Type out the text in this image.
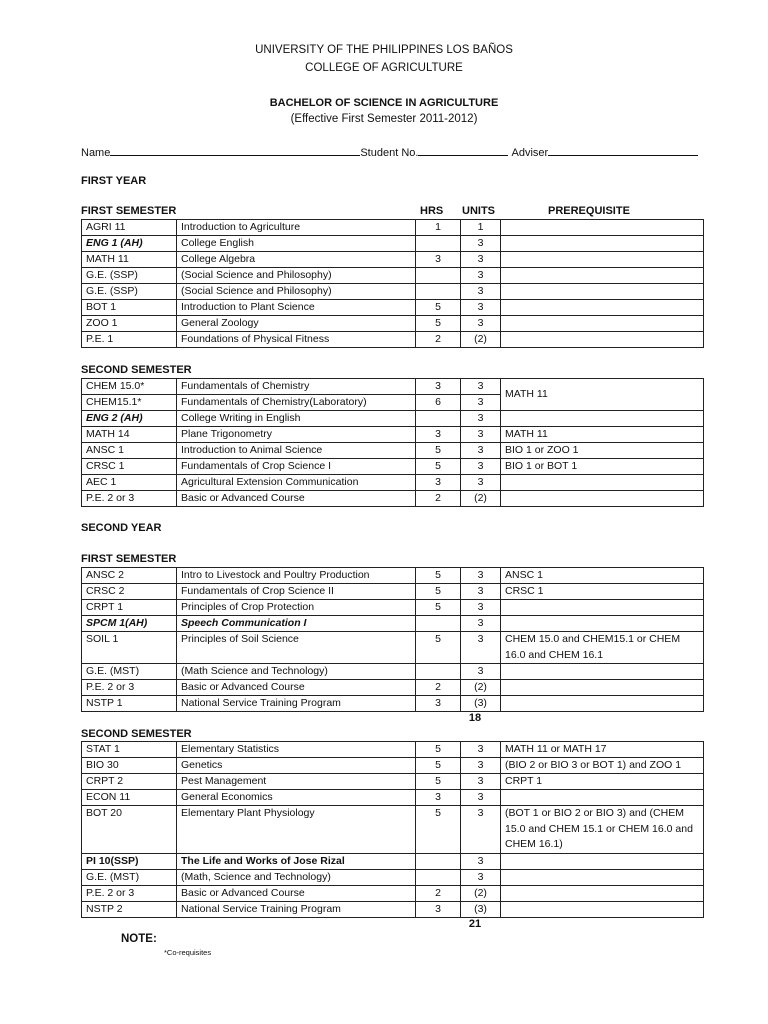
UNIVERSITY OF THE PHILIPPINES LOS BAÑOS
COLLEGE OF AGRICULTURE
BACHELOR OF SCIENCE IN AGRICULTURE
(Effective First Semester 2011-2012)
Name	Student No.	Adviser
FIRST YEAR
FIRST SEMESTER	HRS UNITS	PREREQUISITE
AGRI 11	Introduction to Agriculture	1	1	
ENG 1 (AH)	College English		3	
MATH 11	College Algebra	3	3	
G.E. (SSP)	(Social Science and Philosophy)		3	
G.E. (SSP)	(Social Science and Philosophy)		3	
BOT 1	Introduction to Plant Science	5	3	
ZOO 1	General Zoology	5	3	
P.E. 1	Foundations of Physical Fitness	2	(2)	
SECOND SEMESTER
CHEM 15.0*	Fundamentals of Chemistry	3	3	MATH 11
CHEM15.1*	Fundamentals of Chemistry(Laboratory)	6	3	
ENG 2 (AH)	College Writing in English		3	
MATH 14	Plane Trigonometry	3	3	MATH 11
ANSC 1	Introduction to Animal Science	5	3	BIO 1 or ZOO 1
CRSC 1	Fundamentals of Crop Science I	5	3	BIO 1 or BOT 1
AEC 1	Agricultural Extension Communication	3	3	
P.E. 2 or 3	Basic or Advanced Course	2	(2)	
SECOND YEAR
FIRST SEMESTER
ANSC 2	Intro to Livestock and Poultry Production	5	3	ANSC 1
CRSC 2	Fundamentals of Crop Science II	5	3	CRSC 1
CRPT 1	Principles of Crop Protection	5	3	
SPCM 1(AH)	Speech Communication I		3	
SOIL 1	Principles of Soil Science	5	3	CHEM 15.0 and CHEM15.1 or CHEM 16.0 and CHEM 16.1
G.E. (MST)	(Math Science and Technology)		3	
P.E. 2 or 3	Basic or Advanced Course	2	(2)	
NSTP 1	National Service Training Program	3	(3)	
18
SECOND SEMESTER
STAT 1	Elementary Statistics	5	3	MATH 11 or MATH 17
BIO 30	Genetics	5	3	(BIO 2 or BIO 3 or BOT 1) and ZOO 1
CRPT 2	Pest Management	5	3	CRPT 1
ECON 11	General Economics	3	3	
BOT 20	Elementary Plant Physiology	5	3	(BOT 1 or BIO 2 or BIO 3) and (CHEM 15.0 and CHEM 15.1 or CHEM 16.0 and CHEM 16.1)
PI 10(SSP)	The Life and Works of Jose Rizal		3	
G.E. (MST)	(Math, Science and Technology)		3	
P.E. 2 or 3	Basic or Advanced Course	2	(2)	
NSTP 2	National Service Training Program	3	(3)	
21
NOTE:
*Co-requisites
